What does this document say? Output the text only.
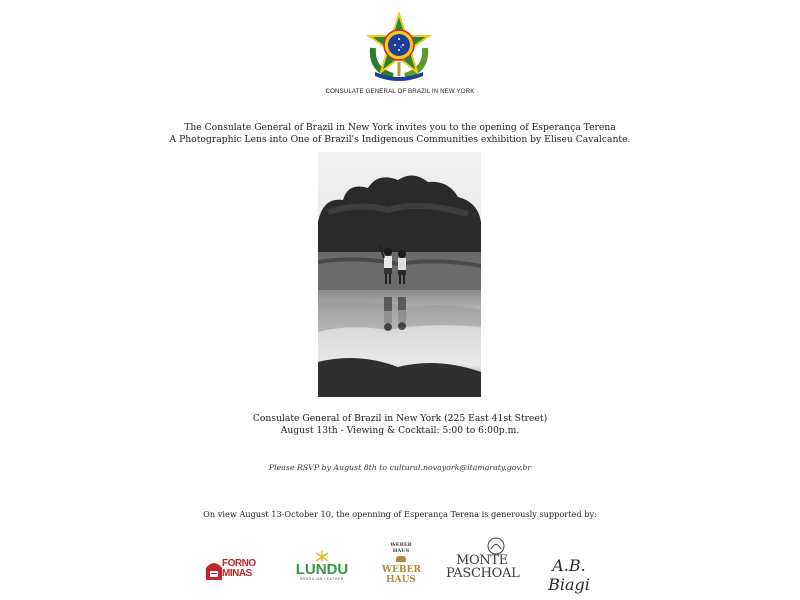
CONSULATE GENERAL OF BRAZIL IN NEW YORK
The Consulate General of Brazil in New York invites you to the opening of Esperança Terena
A Photographic Lens into One of Brazil's Indigenous Communities exhibition by Eliseu Cavalcante.
Consulate General of Brazil in New York (225 East 41st Street)
August 13th - Viewing & Cocktail: 5:00 to 6:00p.m.
Please RSVP by August 8th to cultural.novayork@itamaraty.gov.br
On view August 13-October 10, the openning of Esperança Terena is generously supported by:
FORNO MINAS	LUNDU
BRASILIAN LEATHER
WEBER HAUS
WEBER HAUS
MONTE PASCHOAL	A.B. Biagi
